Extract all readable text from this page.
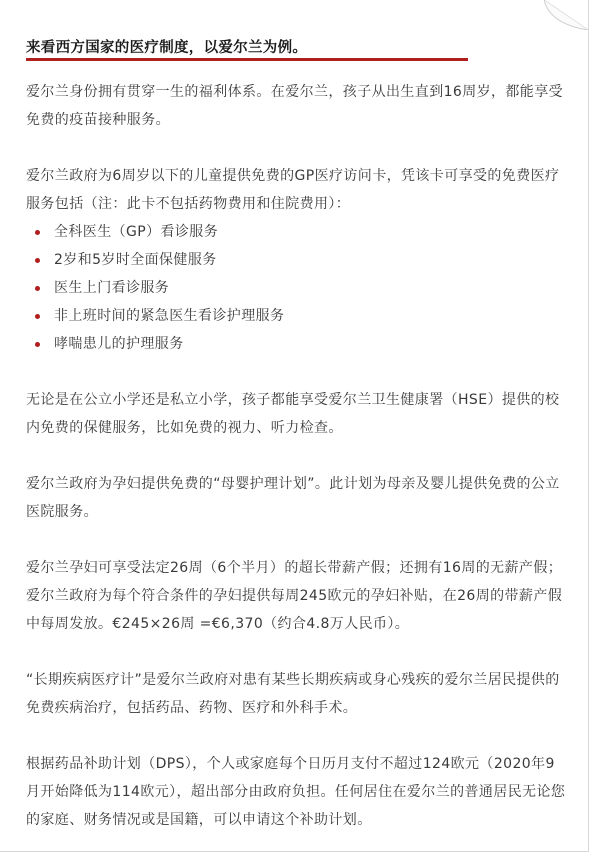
来看西方国家的医疗制度，以爱尔兰为例。

爱尔兰身份拥有贯穿一生的福利体系。在爱尔兰，孩子从出生直到16周岁，都能享受免费的疫苗接种服务。

爱尔兰政府为6周岁以下的儿童提供免费的GP医疗访问卡，凭该卡可享受的免费医疗服务包括（注：此卡不包括药物费用和住院费用）：

全科医生（GP）看诊服务
2岁和5岁时全面保健服务
医生上门看诊服务
非上班时间的紧急医生看诊护理服务
哮喘患儿的护理服务

无论是在公立小学还是私立小学，孩子都能享受爱尔兰卫生健康署（HSE）提供的校内免费的保健服务，比如免费的视力、听力检查。

爱尔兰政府为孕妇提供免费的“母婴护理计划”。此计划为母亲及婴儿提供免费的公立医院服务。

爱尔兰孕妇可享受法定26周（6个半月）的超长带薪产假；还拥有16周的无薪产假；爱尔兰政府为每个符合条件的孕妇提供每周245欧元的孕妇补贴，在26周的带薪产假中每周发放。€245×26周 =€6,370（约合4.8万人民币）。

“长期疾病医疗计”是爱尔兰政府对患有某些长期疾病或身心残疾的爱尔兰居民提供的免费疾病治疗，包括药品、药物、医疗和外科手术。

根据药品补助计划（DPS），个人或家庭每个日历月支付不超过124欧元（2020年9月开始降低为114欧元），超出部分由政府负担。任何居住在爱尔兰的普通居民无论您的家庭、财务情况或是国籍，可以申请这个补助计划。
